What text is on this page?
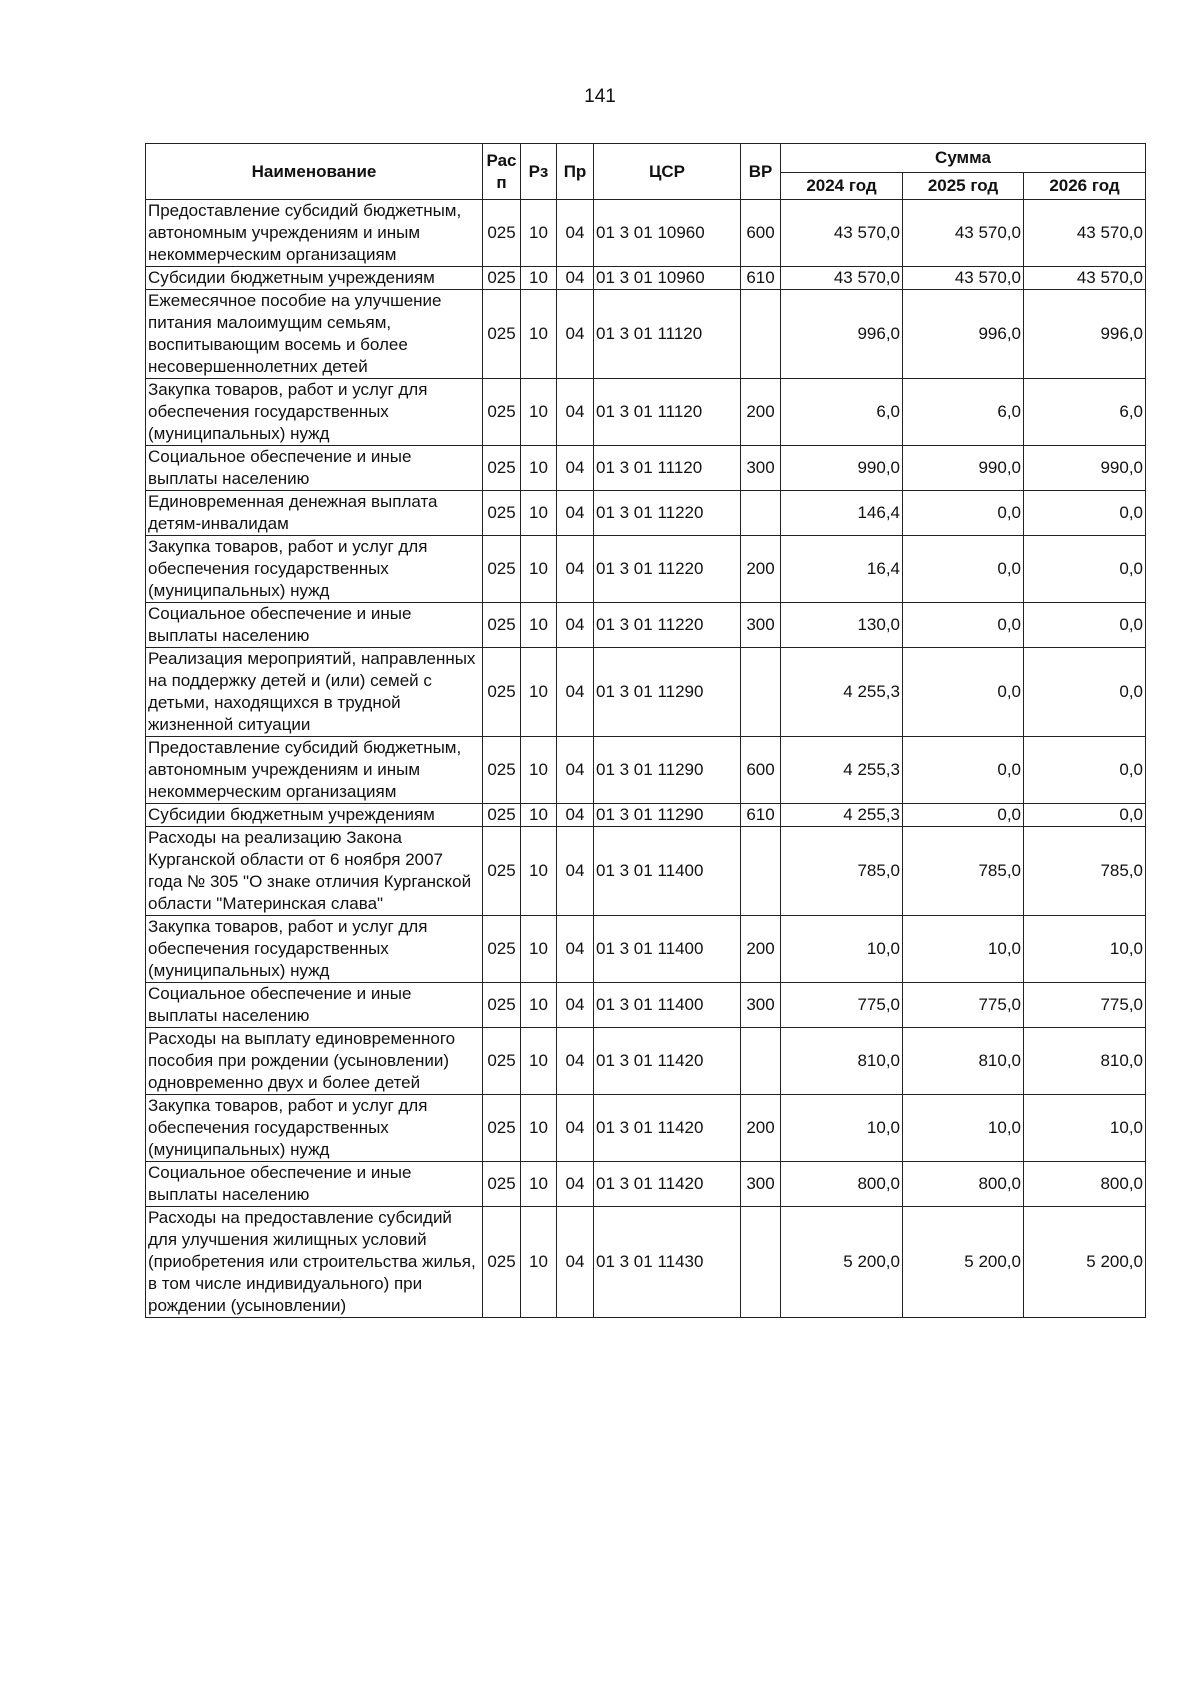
141
Наименование	Рас п	Рз	Пр	ЦСР	ВР	Сумма		
						2024 год	2025 год	2026 год
Предоставление субсидий бюджетным, автономным учреждениям и иным некоммерческим организациям	025	10	04	01 3 01 10960	600	43 570,0	43 570,0	43 570,0
Субсидии бюджетным учреждениям	025	10	04	01 3 01 10960	610	43 570,0	43 570,0	43 570,0
Ежемесячное пособие на улучшение питания малоимущим семьям, воспитывающим восемь и более несовершеннолетних детей	025	10	04	01 3 01 11120		996,0	996,0	996,0
Закупка товаров, работ и услуг для обеспечения государственных (муниципальных) нужд	025	10	04	01 3 01 11120	200	6,0	6,0	6,0
Социальное обеспечение и иные выплаты населению	025	10	04	01 3 01 11120	300	990,0	990,0	990,0
Единовременная денежная выплата детям-инвалидам	025	10	04	01 3 01 11220		146,4	0,0	0,0
Закупка товаров, работ и услуг для обеспечения государственных (муниципальных) нужд	025	10	04	01 3 01 11220	200	16,4	0,0	0,0
Социальное обеспечение и иные выплаты населению	025	10	04	01 3 01 11220	300	130,0	0,0	0,0
Реализация мероприятий, направленных на поддержку детей и (или) семей с детьми, находящихся в трудной жизненной ситуации	025	10	04	01 3 01 11290		4 255,3	0,0	0,0
Предоставление субсидий бюджетным, автономным учреждениям и иным некоммерческим организациям	025	10	04	01 3 01 11290	600	4 255,3	0,0	0,0
Субсидии бюджетным учреждениям	025	10	04	01 3 01 11290	610	4 255,3	0,0	0,0
Расходы на реализацию Закона Курганской области от 6 ноября 2007 года № 305 "О знаке отличия Курганской области "Материнская слава"	025	10	04	01 3 01 11400		785,0	785,0	785,0
Закупка товаров, работ и услуг для обеспечения государственных (муниципальных) нужд	025	10	04	01 3 01 11400	200	10,0	10,0	10,0
Социальное обеспечение и иные выплаты населению	025	10	04	01 3 01 11400	300	775,0	775,0	775,0
Расходы на выплату единовременного пособия при рождении (усыновлении) одновременно двух и более детей	025	10	04	01 3 01 11420		810,0	810,0	810,0
Закупка товаров, работ и услуг для обеспечения государственных (муниципальных) нужд	025	10	04	01 3 01 11420	200	10,0	10,0	10,0
Социальное обеспечение и иные выплаты населению	025	10	04	01 3 01 11420	300	800,0	800,0	800,0
Расходы на предоставление субсидий для улучшения жилищных условий (приобретения или строительства жилья, в том числе индивидуального) при рождении (усыновлении)	025	10	04	01 3 01 11430		5 200,0	5 200,0	5 200,0
